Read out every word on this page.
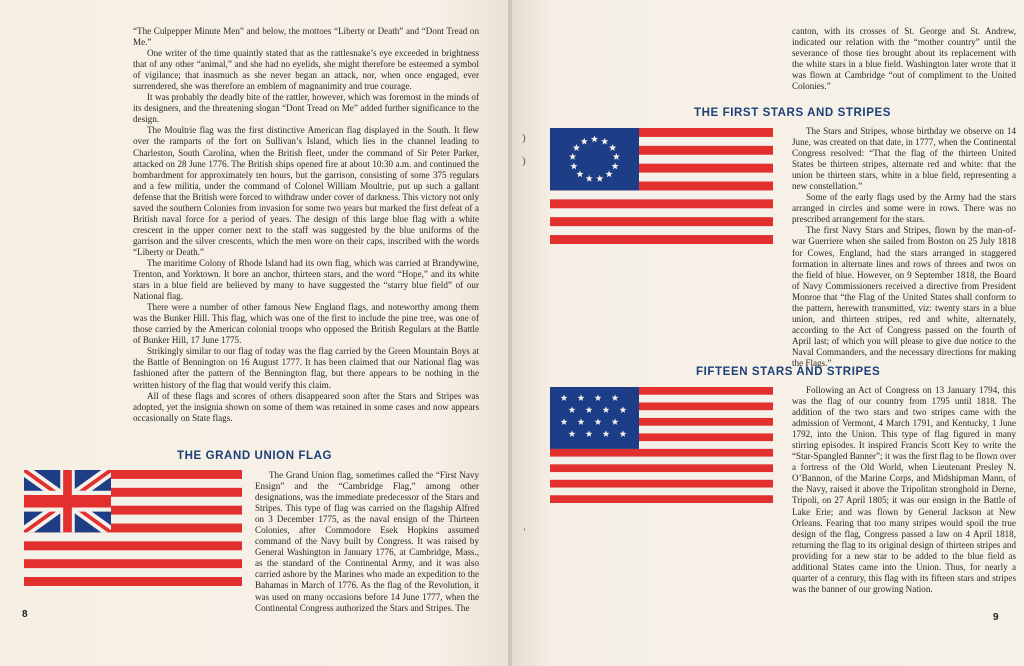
“The Culpepper Minute Men” and below, the mottoes “Liberty or Death” and “Dont Tread on Me.”

One writer of the time quaintly stated that as the rattlesnake’s eye exceeded in brightness that of any other “animal,” and she had no eyelids, she might therefore be esteemed a symbol of vigilance; that inasmuch as she never began an attack, nor, when once engaged, ever surrendered, she was therefore an emblem of magnanimity and true courage.

It was probably the deadly bite of the rattler, however, which was foremost in the minds of its designers, and the threatening slogan “Dont Tread on Me” added further significance to the design.

The Moultrie flag was the first distinctive American flag displayed in the South. It flew over the ramparts of the fort on Sullivan’s Island, which lies in the channel leading to Charleston, South Carolina, when the British fleet, under the command of Sir Peter Parker, attacked on 28 June 1776. The British ships opened fire at about 10:30 a.m. and continued the bombardment for approximately ten hours, but the garrison, consisting of some 375 regulars and a few militia, under the command of Colonel William Moultrie, put up such a gallant defense that the British were forced to withdraw under cover of darkness. This victory not only saved the southern Colonies from invasion for some two years but marked the first defeat of a British naval force for a period of years. The design of this large blue flag with a white crescent in the upper corner next to the staff was suggested by the blue uniforms of the garrison and the silver crescents, which the men wore on their caps, inscribed with the words “Liberty or Death.”

The maritime Colony of Rhode Island had its own flag, which was carried at Brandywine, Trenton, and Yorktown. It bore an anchor, thirteen stars, and the word “Hope,” and its white stars in a blue field are believed by many to have suggested the “starry blue field” of our National flag.

There were a number of other famous New England flags, and noteworthy among them was the Bunker Hill. This flag, which was one of the first to include the pine tree, was one of those carried by the American colonial troops who opposed the British Regulars at the Battle of Bunker Hill, 17 June 1775.

Strikingly similar to our flag of today was the flag carried by the Green Mountain Boys at the Battle of Bennington on 16 August 1777. It has been claimed that our National flag was fashioned after the pattern of the Bennington flag, but there appears to be nothing in the written history of the flag that would verify this claim.

All of these flags and scores of others disappeared soon after the Stars and Stripes was adopted, yet the insignia shown on some of them was retained in some cases and now appears occasionally on State flags.

THE GRAND UNION FLAG

The Grand Union flag, sometimes called the “First Navy Ensign” and the “Cambridge Flag,” among other designations, was the immediate predecessor of the Stars and Stripes. This type of flag was carried on the flagship Alfred on 3 December 1775, as the naval ensign of the Thirteen Colonies, after Commodore Esek Hopkins assumed command of the Navy built by Congress. It was raised by General Washington in January 1776, at Cambridge, Mass., as the standard of the Continental Army, and it was also carried ashore by the Marines who made an expedition to the Bahamas in March of 1776. As the flag of the Revolution, it was used on many occasions before 14 June 1777, when the Continental Congress authorized the Stars and Stripes. The

8

canton, with its crosses of St. George and St. Andrew, indicated our relation with the “mother country” until the severance of those ties brought about its replacement with the white stars in a blue field. Washington later wrote that it was flown at Cambridge “out of compliment to the United Colonies.”

THE FIRST STARS AND STRIPES
)
)

The Stars and Stripes, whose birthday we observe on 14 June, was created on that date, in 1777, when the Continental Congress resolved: “That the flag of the thirteen United States be thirteen stripes, alternate red and white: that the union be thirteen stars, white in a blue field, representing a new constellation.”

Some of the early flags used by the Army had the stars arranged in circles and some were in rows. There was no prescribed arrangement for the stars.

The first Navy Stars and Stripes, flown by the man-of-war Guerriere when she sailed from Boston on 25 July 1818 for Cowes, England, had the stars arranged in staggered formation in alternate lines and rows of threes and twos on the field of blue. However, on 9 September 1818, the Board of Navy Commissioners received a directive from President Monroe that “the Flag of the United States shall conform to the pattern, herewith transmitted, viz: twenty stars in a blue union, and thirteen stripes, red and white, alternately, according to the Act of Congress passed on the fourth of April last; of which you will please to give due notice to the Naval Commanders, and the necessary directions for making the Flags.”

FIFTEEN STARS AND STRIPES
ʼ

Following an Act of Congress on 13 January 1794, this was the flag of our country from 1795 until 1818. The addition of the two stars and two stripes came with the admission of Vermont, 4 March 1791, and Kentucky, 1 June 1792, into the Union. This type of flag figured in many stirring episodes. It inspired Francis Scott Key to write the “Star-Spangled Banner”; it was the first flag to be flown over a fortress of the Old World, when Lieutenant Presley N. O’Bannon, of the Marine Corps, and Midshipman Mann, of the Navy, raised it above the Tripolitan stronghold in Derne, Tripoli, on 27 April 1805; it was our ensign in the Battle of Lake Erie; and was flown by General Jackson at New Orleans. Fearing that too many stripes would spoil the true design of the flag, Congress passed a law on 4 April 1818, returning the flag to its original design of thirteen stripes and providing for a new star to be added to the blue field as additional States came into the Union. Thus, for nearly a quarter of a century, this flag with its fifteen stars and stripes was the banner of our growing Nation.

9
